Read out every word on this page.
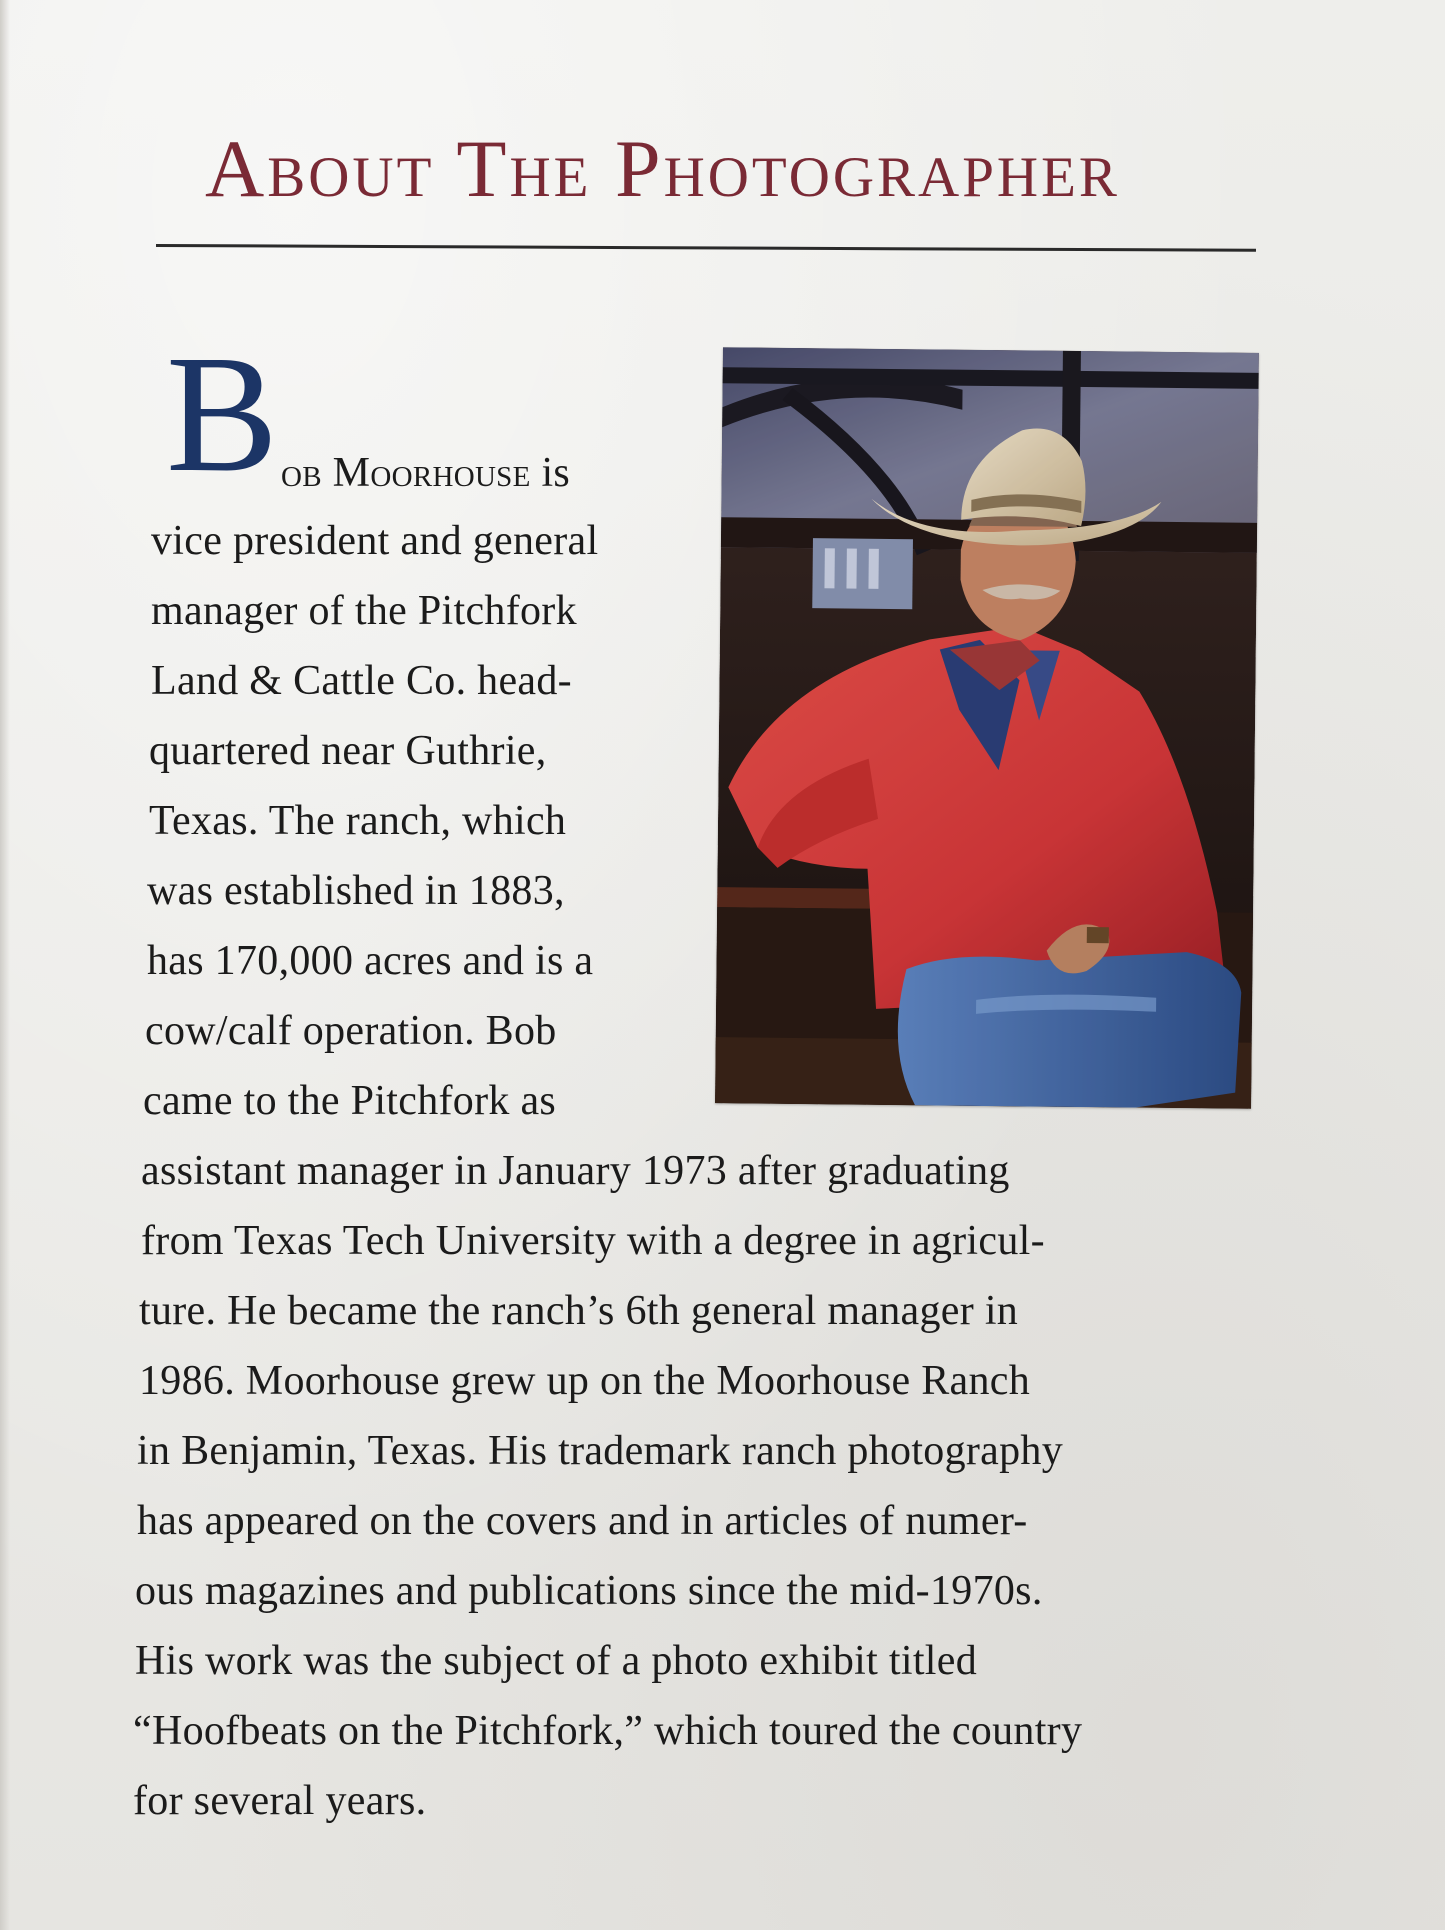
About The Photographer
B ob Moorhouse is

vice president and general

manager of the Pitchfork

Land & Cattle Co. head-

quartered near Guthrie,

Texas. The ranch, which

was established in 1883,

has 170,000 acres and is a

cow/calf operation. Bob

came to the Pitchfork as

assistant manager in January 1973 after graduating

from Texas Tech University with a degree in agricul-

ture. He became the ranch’s 6th general manager in

1986. Moorhouse grew up on the Moorhouse Ranch

in Benjamin, Texas. His trademark ranch photography

has appeared on the covers and in articles of numer-

ous magazines and publications since the mid-1970s.

His work was the subject of a photo exhibit titled

“Hoofbeats on the Pitchfork,” which toured the country

for several years.
